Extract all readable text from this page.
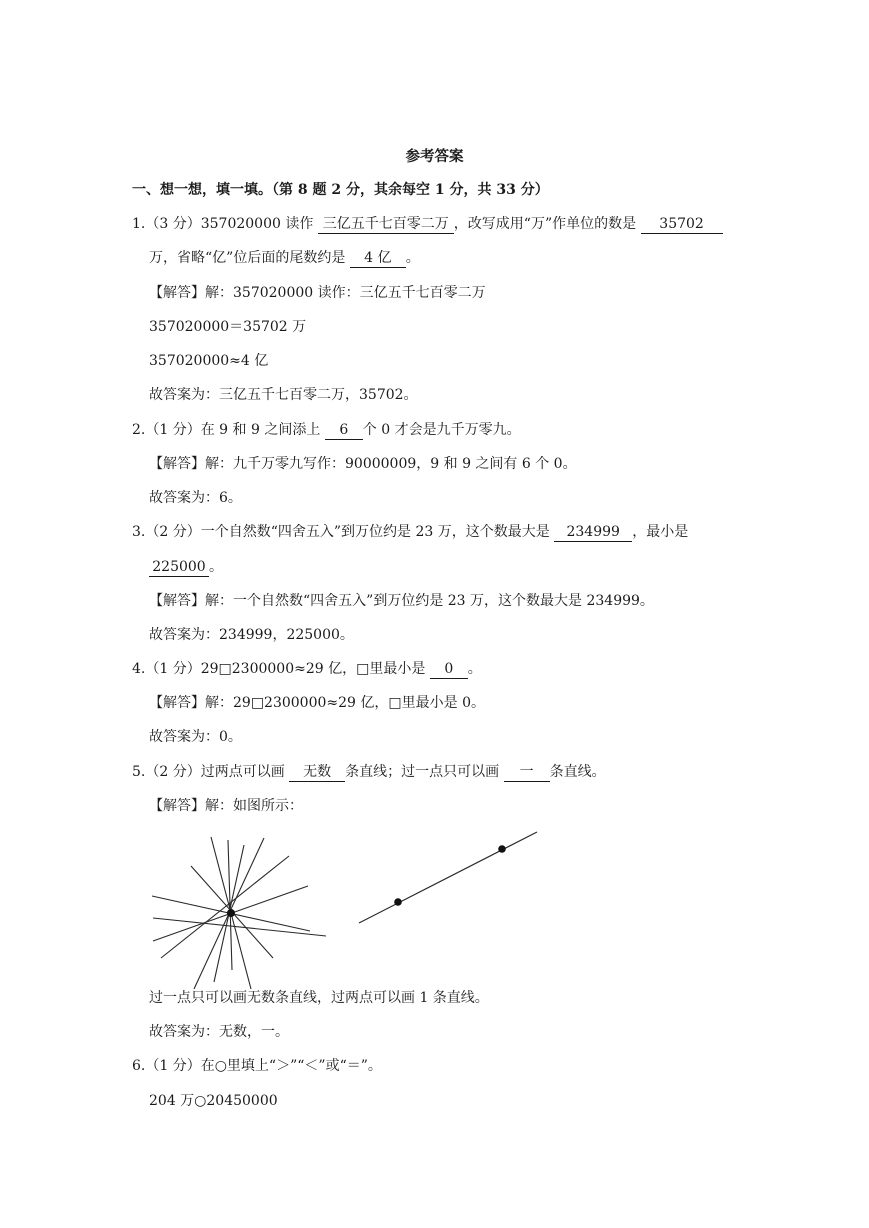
参考答案
一、想一想，填一填。（第 8 题 2 分，其余每空 1 分，共 33 分）
1.（3 分）357020000 读作 三亿五千七百零二万 ，改写成用“万”作单位的数是 35702
万，省略“亿”位后面的尾数约是 4 亿 。
【解答】解：357020000 读作：三亿五千七百零二万
357020000＝35702 万
357020000≈4 亿
故答案为：三亿五千七百零二万，35702。
2.（1 分）在 9 和 9 之间添上 6 个 0 才会是九千万零九。
【解答】解：九千万零九写作：90000009，9 和 9 之间有 6 个 0。
故答案为：6。
3.（2 分）一个自然数“四舍五入”到万位约是 23 万，这个数最大是 234999 ，最小是
225000 。
【解答】解：一个自然数“四舍五入”到万位约是 23 万，这个数最大是 234999。
故答案为：234999，225000。
4.（1 分）29□2300000≈29 亿，□里最小是 0 。
【解答】解：29□2300000≈29 亿，□里最小是 0。
故答案为：0。
5.（2 分）过两点可以画 无数 条直线；过一点只可以画 一 条直线。
【解答】解：如图所示：
过一点只可以画无数条直线，过两点可以画 1 条直线。
故答案为：无数，一。
6.（1 分）在○里填上“＞”“＜”或“＝”。
204 万○20450000
